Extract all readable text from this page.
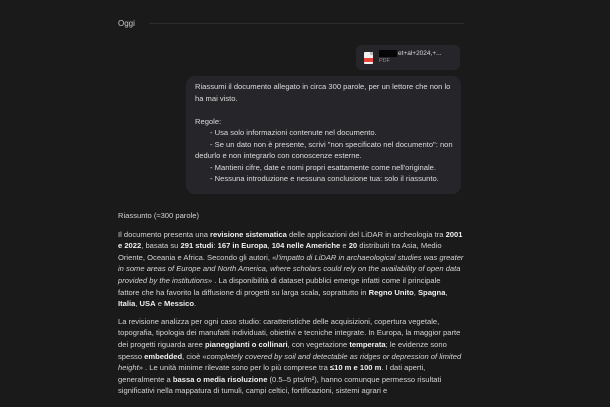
Oggi
et+al+2024,+...
PDF

Riassumi il documento allegato in circa 300 parole, per un lettore che non lo ha mai visto.

Regole:

- Usa solo informazioni contenute nel documento.

- Se un dato non è presente, scrivi "non specificato nel documento": non dedurlo e non integrarlo con conoscenze esterne.

- Mantieni cifre, date e nomi propri esattamente come nell'originale.

- Nessuna introduzione e nessuna conclusione tua: solo il riassunto.

Riassunto (≈300 parole)

Il documento presenta una revisione sistematica delle applicazioni del LiDAR in archeologia tra 2001 e 2022, basata su 291 studi: 167 in Europa, 104 nelle Americhe e 20 distribuiti tra Asia, Medio Oriente, Oceania e Africa. Secondo gli autori, «l'impatto di LiDAR in archaeological studies was greater in some areas of Europe and North America, where scholars could rely on the availability of open data provided by the institutions» . La disponibilità di dataset pubblici emerge infatti come il principale fattore che ha favorito la diffusione di progetti su larga scala, soprattutto in Regno Unito, Spagna, Italia, USA e Messico.

La revisione analizza per ogni caso studio: caratteristiche delle acquisizioni, copertura vegetale, topografia, tipologia dei manufatti individuati, obiettivi e tecniche integrate. In Europa, la maggior parte dei progetti riguarda aree pianeggianti o collinari, con vegetazione temperata; le evidenze sono spesso embedded, cioè «completely covered by soil and detectable as ridges or depression of limited height» . Le unità minime rilevate sono per lo più comprese tra ≤10 m e 100 m. I dati aperti, generalmente a bassa o media risoluzione (0.5–5 pts/m²), hanno comunque permesso risultati significativi nella mappatura di tumuli, campi celtici, fortificazioni, sistemi agrari e
